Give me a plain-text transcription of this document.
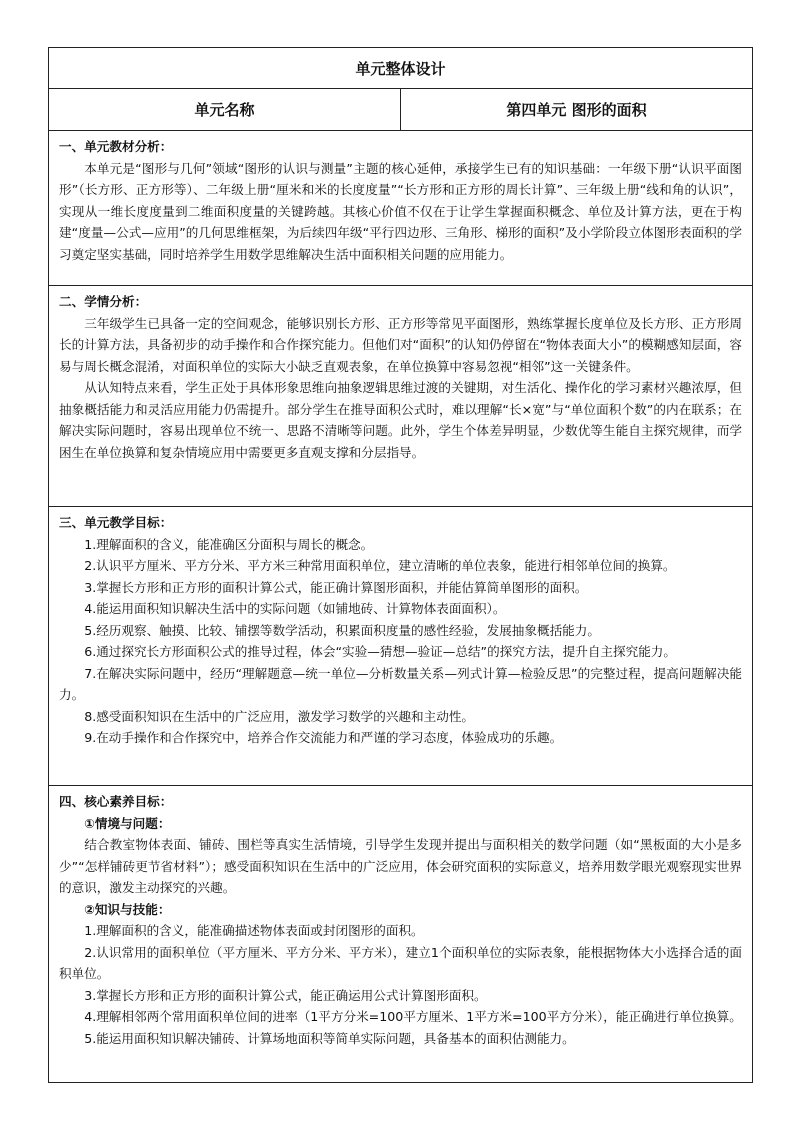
单元整体设计
单元名称	第四单元 图形的面积
一、单元教材分析：

本单元是“图形与几何”领域“图形的认识与测量”主题的核心延伸，承接学生已有的知识基础：一年级下册“认识平面图形”（长方形、正方形等）、二年级上册“厘米和米的长度度量”“长方形和正方形的周长计算”、三年级上册“线和角的认识”，实现从一维长度度量到二维面积度量的关键跨越。其核心价值不仅在于让学生掌握面积概念、单位及计算方法，更在于构建“度量—公式—应用”的几何思维框架，为后续四年级“平行四边形、三角形、梯形的面积”及小学阶段立体图形表面积的学习奠定坚实基础，同时培养学生用数学思维解决生活中面积相关问题的应用能力。

二、学情分析：

三年级学生已具备一定的空间观念，能够识别长方形、正方形等常见平面图形，熟练掌握长度单位及长方形、正方形周长的计算方法，具备初步的动手操作和合作探究能力。但他们对“面积”的认知仍停留在“物体表面大小”的模糊感知层面，容易与周长概念混淆，对面积单位的实际大小缺乏直观表象，在单位换算中容易忽视“相邻”这一关键条件。

从认知特点来看，学生正处于具体形象思维向抽象逻辑思维过渡的关键期，对生活化、操作化的学习素材兴趣浓厚，但抽象概括能力和灵活应用能力仍需提升。部分学生在推导面积公式时，难以理解“长×宽”与“单位面积个数”的内在联系；在解决实际问题时，容易出现单位不统一、思路不清晰等问题。此外，学生个体差异明显，少数优等生能自主探究规律，而学困生在单位换算和复杂情境应用中需要更多直观支撑和分层指导。

三、单元教学目标：

1.理解面积的含义，能准确区分面积与周长的概念。

2.认识平方厘米、平方分米、平方米三种常用面积单位，建立清晰的单位表象，能进行相邻单位间的换算。

3.掌握长方形和正方形的面积计算公式，能正确计算图形面积，并能估算简单图形的面积。

4.能运用面积知识解决生活中的实际问题（如铺地砖、计算物体表面面积）。

5.经历观察、触摸、比较、铺摆等数学活动，积累面积度量的感性经验，发展抽象概括能力。

6.通过探究长方形面积公式的推导过程，体会“实验—猜想—验证—总结”的探究方法，提升自主探究能力。

7.在解决实际问题中，经历“理解题意—统一单位—分析数量关系—列式计算—检验反思”的完整过程，提高问题解决能力。

8.感受面积知识在生活中的广泛应用，激发学习数学的兴趣和主动性。

9.在动手操作和合作探究中，培养合作交流能力和严谨的学习态度，体验成功的乐趣。

四、核心素养目标：

①情境与问题：

结合教室物体表面、铺砖、围栏等真实生活情境，引导学生发现并提出与面积相关的数学问题（如“黑板面的大小是多少”“怎样铺砖更节省材料”）；感受面积知识在生活中的广泛应用，体会研究面积的实际意义，培养用数学眼光观察现实世界的意识，激发主动探究的兴趣。

②知识与技能：

1.理解面积的含义，能准确描述物体表面或封闭图形的面积。

2.认识常用的面积单位（平方厘米、平方分米、平方米），建立1个面积单位的实际表象，能根据物体大小选择合适的面积单位。

3.掌握长方形和正方形的面积计算公式，能正确运用公式计算图形面积。

4.理解相邻两个常用面积单位间的进率（1平方分米=100平方厘米、1平方米=100平方分米），能正确进行单位换算。

5.能运用面积知识解决铺砖、计算场地面积等简单实际问题，具备基本的面积估测能力。
